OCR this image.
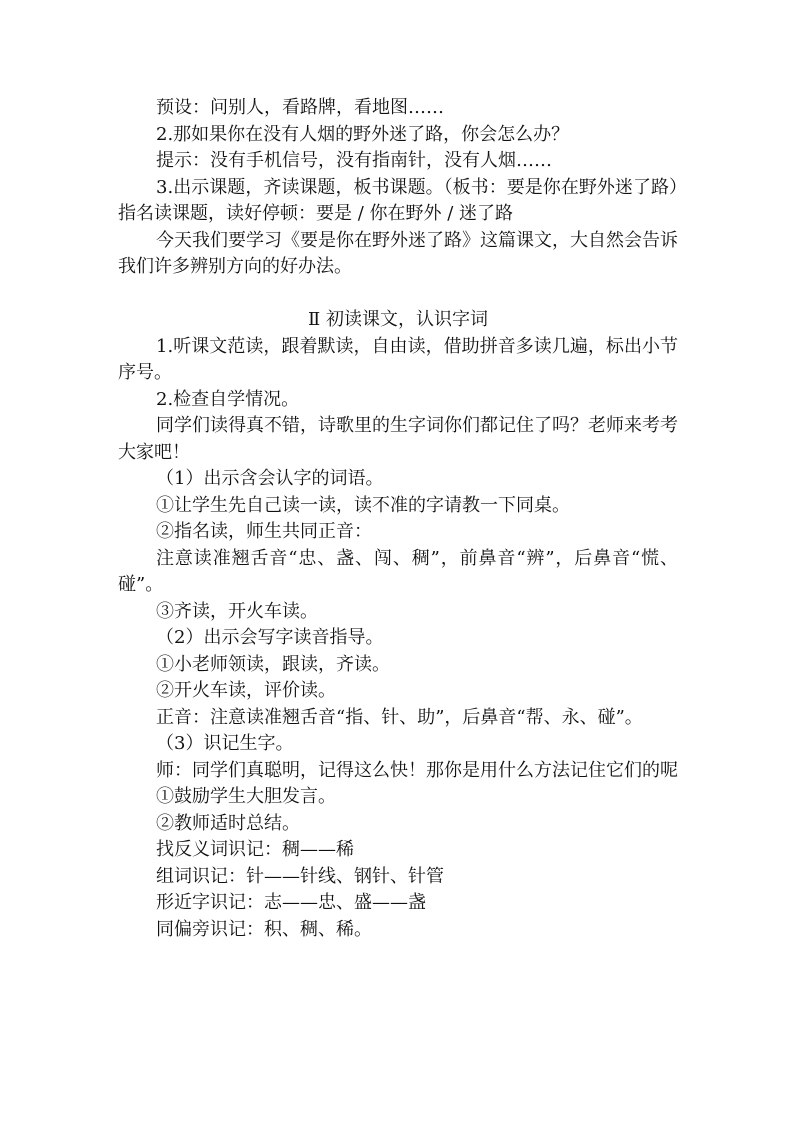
预设：问别人，看路牌，看地图……

2.那如果你在没有人烟的野外迷了路，你会怎么办？

提示：没有手机信号，没有指南针，没有人烟……

3.出示课题，齐读课题，板书课题。（板书：要是你在野外迷了路）指名读课题，读好停顿：要是 / 你在野外 / 迷了路

今天我们要学习《要是你在野外迷了路》这篇课文，大自然会告诉我们许多辨别方向的好办法。

Ⅱ 初读课文，认识字词

1.听课文范读，跟着默读，自由读，借助拼音多读几遍，标出小节序号。

2.检查自学情况。

同学们读得真不错，诗歌里的生字词你们都记住了吗？老师来考考大家吧！

（1）出示含会认字的词语。

①让学生先自己读一读，读不准的字请教一下同桌。

②指名读，师生共同正音：

注意读准翘舌音“忠、盏、闯、稠”，前鼻音“辨”，后鼻音“慌、碰”。

③齐读，开火车读。

（2）出示会写字读音指导。

①小老师领读，跟读，齐读。

②开火车读，评价读。

正音：注意读准翘舌音“指、针、助”，后鼻音“帮、永、碰”。

（3）识记生字。

师：同学们真聪明，记得这么快！那你是用什么方法记住它们的呢

①鼓励学生大胆发言。

②教师适时总结。

找反义词识记：稠——稀

组词识记：针——针线、钢针、针管

形近字识记：志——忠、盛——盏

同偏旁识记：积、稠、稀。
